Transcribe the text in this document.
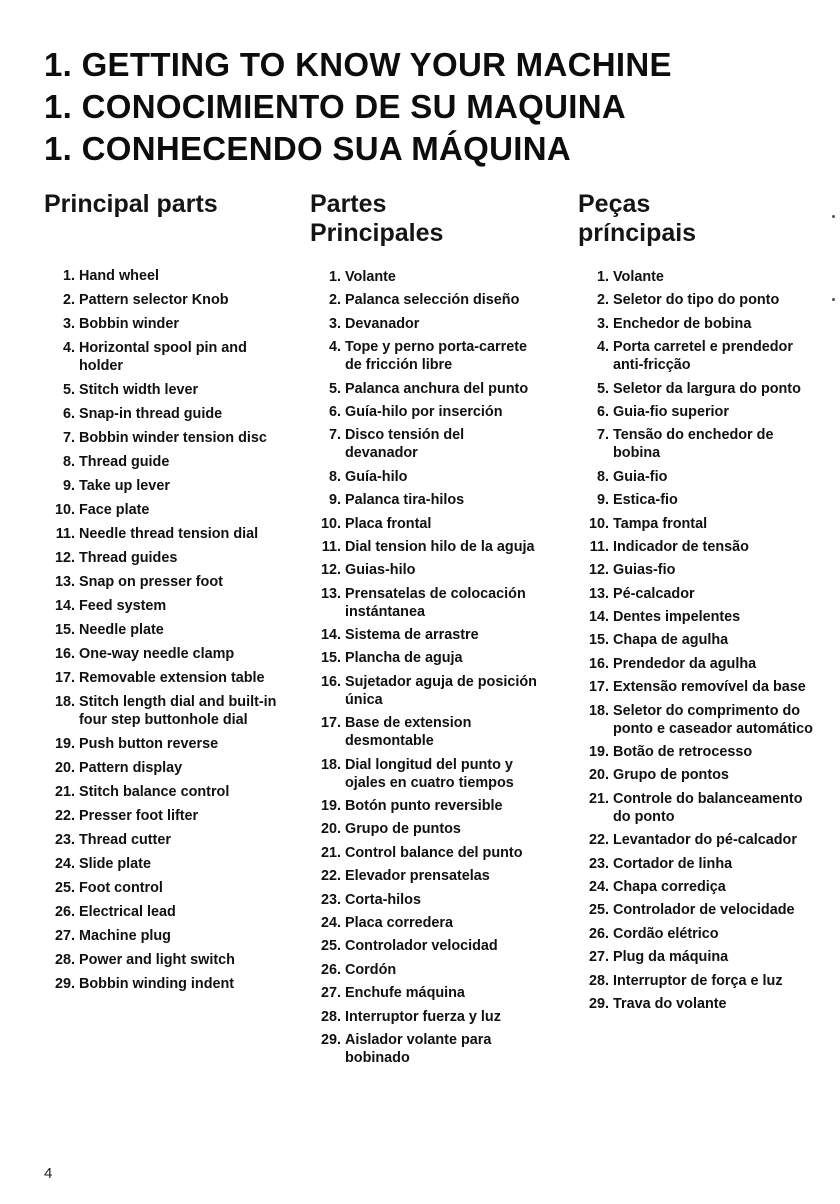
1. GETTING TO KNOW YOUR MACHINE
1. CONOCIMIENTO DE SU MAQUINA
1. CONHECENDO SUA MÁQUINA
Principal parts
1. Hand wheel
2. Pattern selector Knob
3. Bobbin winder
4. Horizontal spool pin and holder
5. Stitch width lever
6. Snap-in thread guide
7. Bobbin winder tension disc
8. Thread guide
9. Take up lever
10. Face plate
11. Needle thread tension dial
12. Thread guides
13. Snap on presser foot
14. Feed system
15. Needle plate
16. One-way needle clamp
17. Removable extension table
18. Stitch length dial and built-in four step buttonhole dial
19. Push button reverse
20. Pattern display
21. Stitch balance control
22. Presser foot lifter
23. Thread cutter
24. Slide plate
25. Foot control
26. Electrical lead
27. Machine plug
28. Power and light switch
29. Bobbin winding indent
Partes
Principales
1. Volante
2. Palanca selección diseño
3. Devanador
4. Tope y perno porta-carrete de fricción libre
5. Palanca anchura del punto
6. Guía-hilo por inserción
7. Disco tensión del devanador
8. Guía-hilo
9. Palanca tira-hilos
10. Placa frontal
11. Dial tension hilo de la aguja
12. Guias-hilo
13. Prensatelas de colocación instántanea
14. Sistema de arrastre
15. Plancha de aguja
16. Sujetador aguja de posición única
17. Base de extension desmontable
18. Dial longitud del punto y ojales en cuatro tiempos
19. Botón punto reversible
20. Grupo de puntos
21. Control balance del punto
22. Elevador prensatelas
23. Corta-hilos
24. Placa corredera
25. Controlador velocidad
26. Cordón
27. Enchufe máquina
28. Interruptor fuerza y luz
29. Aislador volante para bobinado
Peças
príncipais
1. Volante
2. Seletor do tipo do ponto
3. Enchedor de bobina
4. Porta carretel e prendedor anti-fricção
5. Seletor da largura do ponto
6. Guia-fio superior
7. Tensão do enchedor de bobina
8. Guia-fio
9. Estica-fio
10. Tampa frontal
11. Indicador de tensão
12. Guias-fio
13. Pé-calcador
14. Dentes impelentes
15. Chapa de agulha
16. Prendedor da agulha
17. Extensão removível da base
18. Seletor do comprimento do ponto e caseador automático
19. Botão de retrocesso
20. Grupo de pontos
21. Controle do balanceamento do ponto
22. Levantador do pé-calcador
23. Cortador de linha
24. Chapa corrediça
25. Controlador de velocidade
26. Cordão elétrico
27. Plug da máquina
28. Interruptor de força e luz
29. Trava do volante
4
